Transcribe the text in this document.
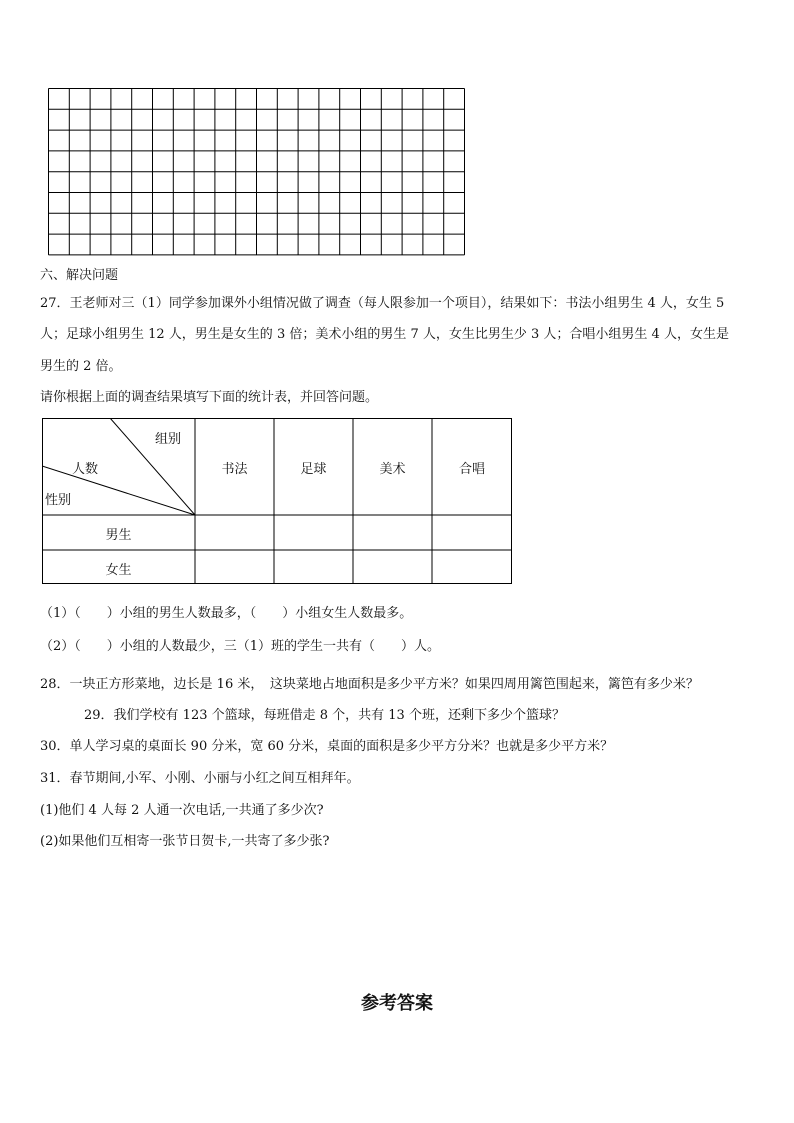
六、解决问题
27．王老师对三（1）同学参加课外小组情况做了调查（每人限参加一个项目），结果如下：书法小组男生 4 人，女生 5
人；足球小组男生 12 人，男生是女生的 3 倍；美术小组的男生 7 人，女生比男生少 3 人；合唱小组男生 4 人，女生是
男生的 2 倍。
请你根据上面的调查结果填写下面的统计表，并回答问题。
组别
人数
性别
书法	足球	美术	合唱
男生
女生
（1）（　　）小组的男生人数最多，（　　）小组女生人数最多。
（2）（　　）小组的人数最少，三（1）班的学生一共有（　　）人。
28．一块正方形菜地，边长是 16 米，　这块菜地占地面积是多少平方米？如果四周用篱笆围起来，篱笆有多少米？
29．我们学校有 123 个篮球，每班借走 8 个，共有 13 个班，还剩下多少个篮球？
30．单人学习桌的桌面长 90 分米，宽 60 分米，桌面的面积是多少平方分米？也就是多少平方米？
31．春节期间,小军、小刚、小丽与小红之间互相拜年。
(1)他们 4 人每 2 人通一次电话,一共通了多少次?
(2)如果他们互相寄一张节日贺卡,一共寄了多少张?
参考答案
